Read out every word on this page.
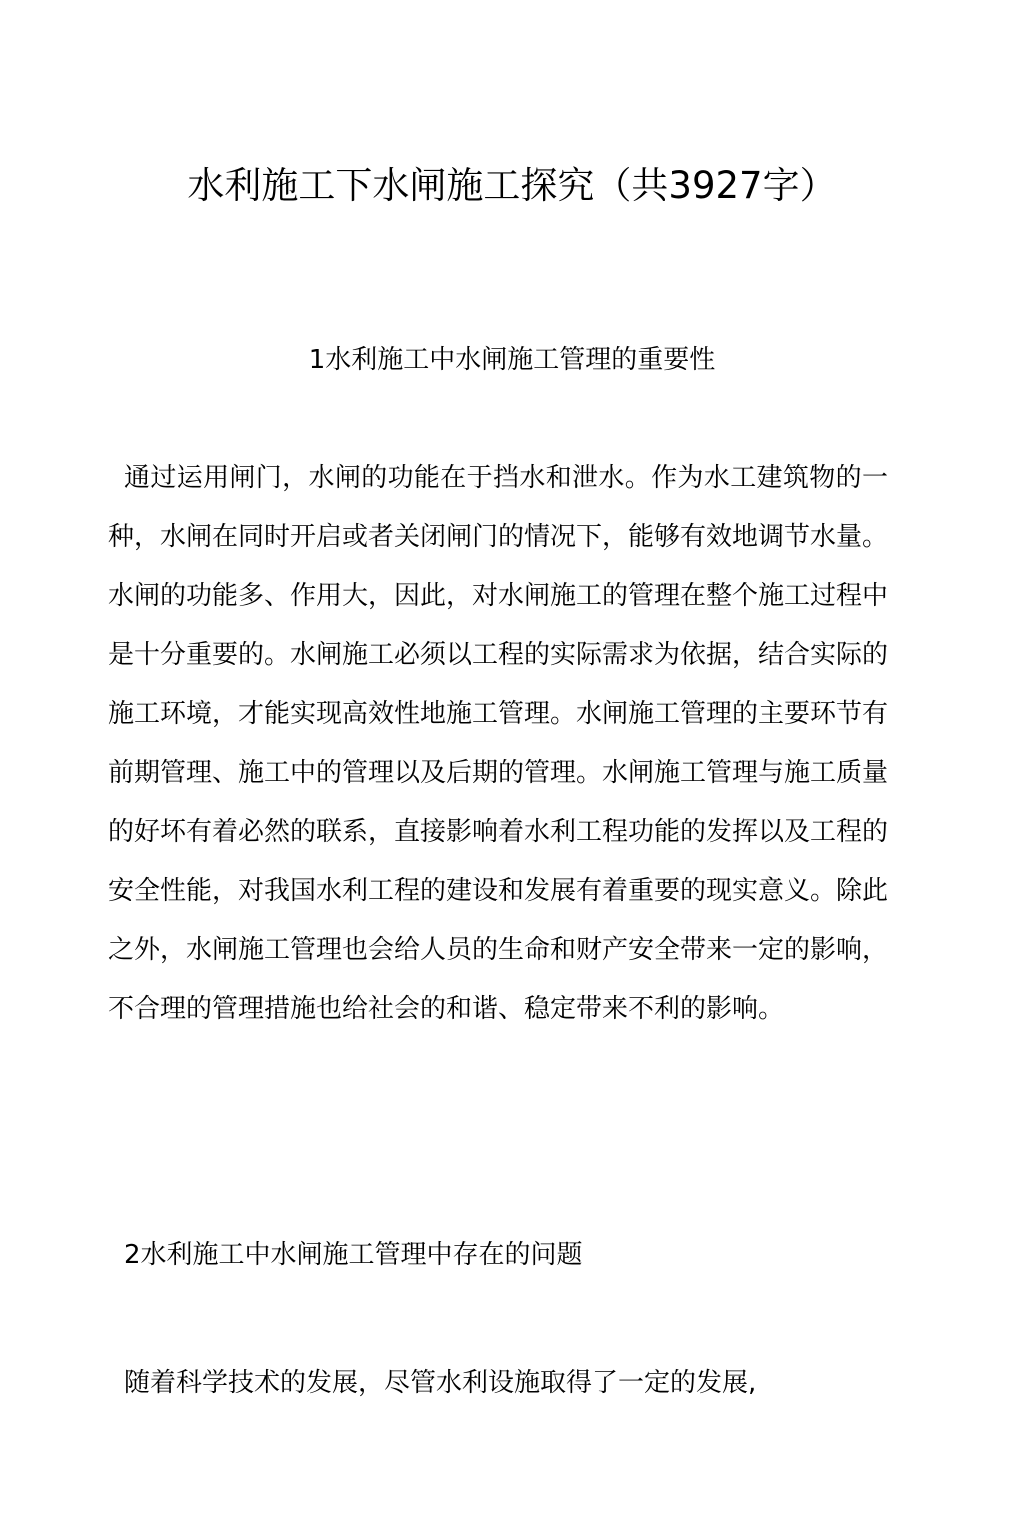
水利施工下水闸施工探究（共3927字）
1水利施工中水闸施工管理的重要性

通过运用闸门，水闸的功能在于挡水和泄水。作为水工建筑物的一种，水闸在同时开启或者关闭闸门的情况下，能够有效地调节水量。水闸的功能多、作用大，因此，对水闸施工的管理在整个施工过程中是十分重要的。水闸施工必须以工程的实际需求为依据，结合实际的施工环境，才能实现高效性地施工管理。水闸施工管理的主要环节有前期管理、施工中的管理以及后期的管理。水闸施工管理与施工质量的好坏有着必然的联系，直接影响着水利工程功能的发挥以及工程的安全性能，对我国水利工程的建设和发展有着重要的现实意义。除此之外，水闸施工管理也会给人员的生命和财产安全带来一定的影响，不合理的管理措施也给社会的和谐、稳定带来不利的影响。

2水利施工中水闸施工管理中存在的问题

随着科学技术的发展，尽管水利设施取得了一定的发展,
